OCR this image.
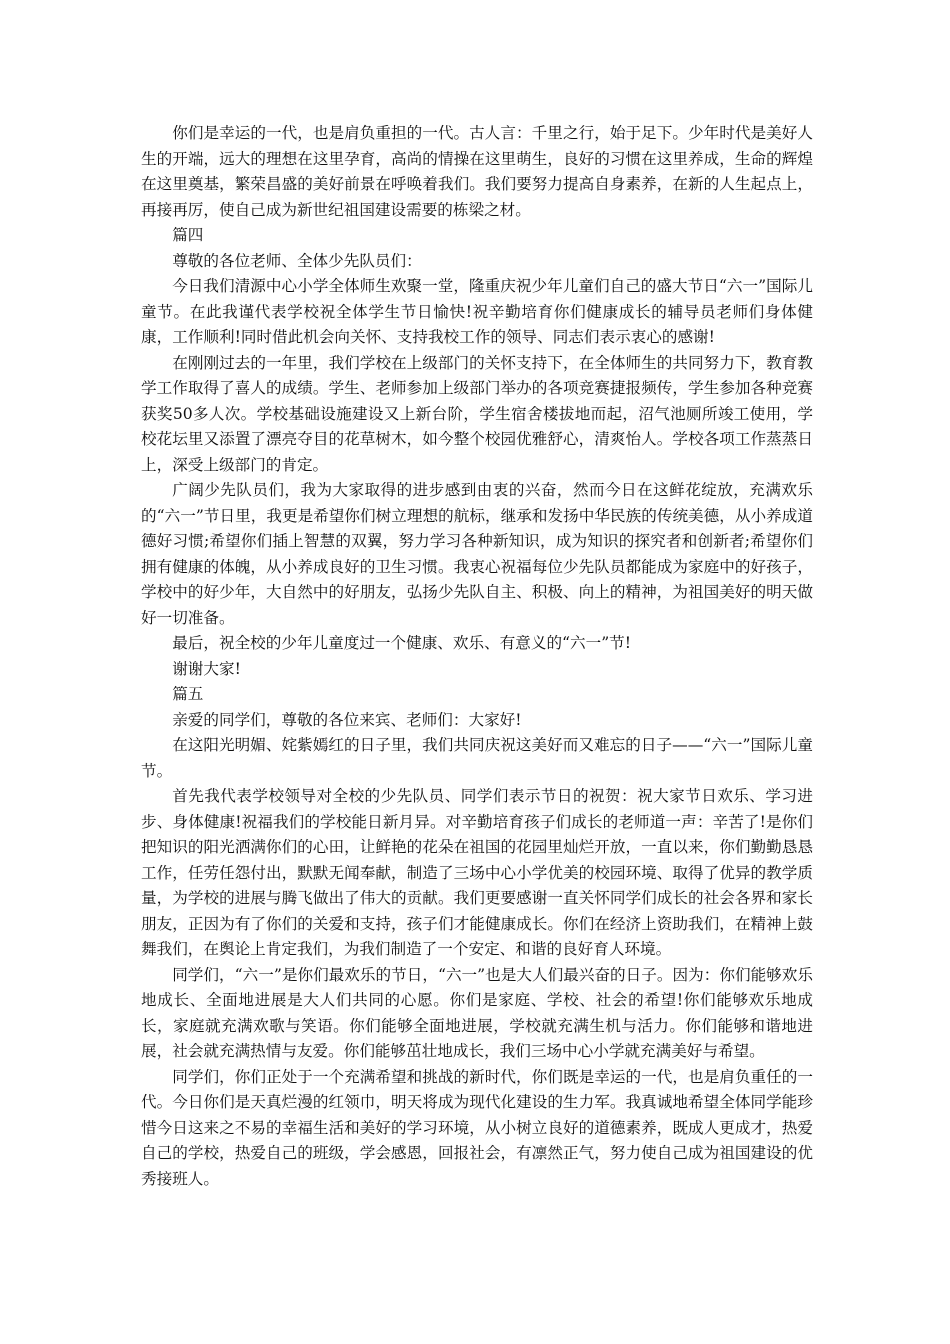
你们是幸运的一代，也是肩负重担的一代。古人言：千里之行，始于足下。少年时代是美好人生的开端，远大的理想在这里孕育，高尚的情操在这里萌生，良好的习惯在这里养成，生命的辉煌在这里奠基，繁荣昌盛的美好前景在呼唤着我们。我们要努力提高自身素养，在新的人生起点上，再接再厉，使自己成为新世纪祖国建设需要的栋梁之材。

篇四

尊敬的各位老师、全体少先队员们：

今日我们清源中心小学全体师生欢聚一堂，隆重庆祝少年儿童们自己的盛大节日“六一”国际儿童节。在此我谨代表学校祝全体学生节日愉快!祝辛勤培育你们健康成长的辅导员老师们身体健康，工作顺利!同时借此机会向关怀、支持我校工作的领导、同志们表示衷心的感谢!

在刚刚过去的一年里，我们学校在上级部门的关怀支持下，在全体师生的共同努力下，教育教学工作取得了喜人的成绩。学生、老师参加上级部门举办的各项竞赛捷报频传，学生参加各种竞赛获奖50多人次。学校基础设施建设又上新台阶，学生宿舍楼拔地而起，沼气池厕所竣工使用，学校花坛里又添置了漂亮夺目的花草树木，如今整个校园优雅舒心，清爽怡人。学校各项工作蒸蒸日上，深受上级部门的肯定。

广阔少先队员们，我为大家取得的进步感到由衷的兴奋，然而今日在这鲜花绽放，充满欢乐的“六一”节日里，我更是希望你们树立理想的航标，继承和发扬中华民族的传统美德，从小养成道德好习惯;希望你们插上智慧的双翼，努力学习各种新知识，成为知识的探究者和创新者;希望你们拥有健康的体魄，从小养成良好的卫生习惯。我衷心祝福每位少先队员都能成为家庭中的好孩子，学校中的好少年，大自然中的好朋友，弘扬少先队自主、积极、向上的精神，为祖国美好的明天做好一切准备。

最后，祝全校的少年儿童度过一个健康、欢乐、有意义的“六一”节!

谢谢大家!

篇五

亲爱的同学们，尊敬的各位来宾、老师们：大家好!

在这阳光明媚、姹紫嫣红的日子里，我们共同庆祝这美好而又难忘的日子——“六一”国际儿童节。

首先我代表学校领导对全校的少先队员、同学们表示节日的祝贺：祝大家节日欢乐、学习进步、身体健康!祝福我们的学校能日新月异。对辛勤培育孩子们成长的老师道一声：辛苦了!是你们把知识的阳光洒满你们的心田，让鲜艳的花朵在祖国的花园里灿烂开放，一直以来，你们勤勤恳恳工作，任劳任怨付出，默默无闻奉献，制造了三场中心小学优美的校园环境、取得了优异的教学质量，为学校的进展与腾飞做出了伟大的贡献。我们更要感谢一直关怀同学们成长的社会各界和家长朋友，正因为有了你们的关爱和支持，孩子们才能健康成长。你们在经济上资助我们，在精神上鼓舞我们，在舆论上肯定我们，为我们制造了一个安定、和谐的良好育人环境。

同学们，“六一”是你们最欢乐的节日，“六一”也是大人们最兴奋的日子。因为：你们能够欢乐地成长、全面地进展是大人们共同的心愿。你们是家庭、学校、社会的希望!你们能够欢乐地成长，家庭就充满欢歌与笑语。你们能够全面地进展，学校就充满生机与活力。你们能够和谐地进展，社会就充满热情与友爱。你们能够茁壮地成长，我们三场中心小学就充满美好与希望。

同学们，你们正处于一个充满希望和挑战的新时代，你们既是幸运的一代，也是肩负重任的一代。今日你们是天真烂漫的红领巾，明天将成为现代化建设的生力军。我真诚地希望全体同学能珍惜今日这来之不易的幸福生活和美好的学习环境，从小树立良好的道德素养，既成人更成才，热爱自己的学校，热爱自己的班级，学会感恩，回报社会，有凛然正气，努力使自己成为祖国建设的优秀接班人。
